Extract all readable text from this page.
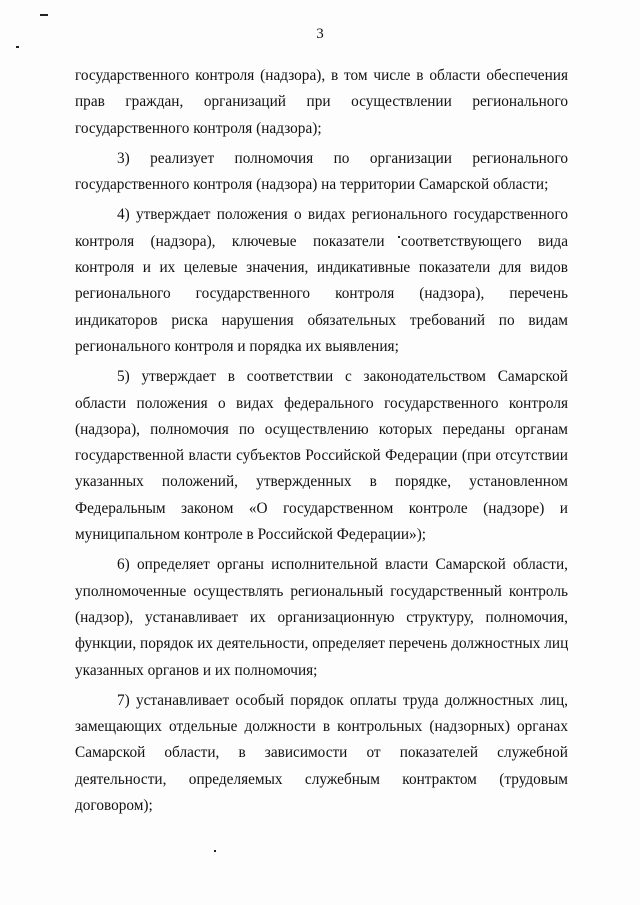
3
государственного контроля (надзора), в том числе в области обеспечения
прав граждан, организаций при осуществлении регионального
государственного контроля (надзора);
3) реализует полномочия по организации регионального
государственного контроля (надзора) на территории Самарской области;
4) утверждает положения о видах регионального государственного
контроля (надзора), ключевые показатели соответствующего вида
контроля и их целевые значения, индикативные показатели для видов
регионального государственного контроля (надзора), перечень
индикаторов риска нарушения обязательных требований по видам
регионального контроля и порядка их выявления;
5) утверждает в соответствии с законодательством Самарской
области положения о видах федерального государственного контроля
(надзора), полномочия по осуществлению которых переданы органам
государственной власти субъектов Российской Федерации (при отсутствии
указанных положений, утвержденных в порядке, установленном
Федеральным законом «О государственном контроле (надзоре) и
муниципальном контроле в Российской Федерации»);
6) определяет органы исполнительной власти Самарской области,
уполномоченные осуществлять региональный государственный контроль
(надзор), устанавливает их организационную структуру, полномочия,
функции, порядок их деятельности, определяет перечень должностных лиц
указанных органов и их полномочия;
7) устанавливает особый порядок оплаты труда должностных лиц,
замещающих отдельные должности в контрольных (надзорных) органах
Самарской области, в зависимости от показателей служебной
деятельности, определяемых служебным контрактом (трудовым
договором);
